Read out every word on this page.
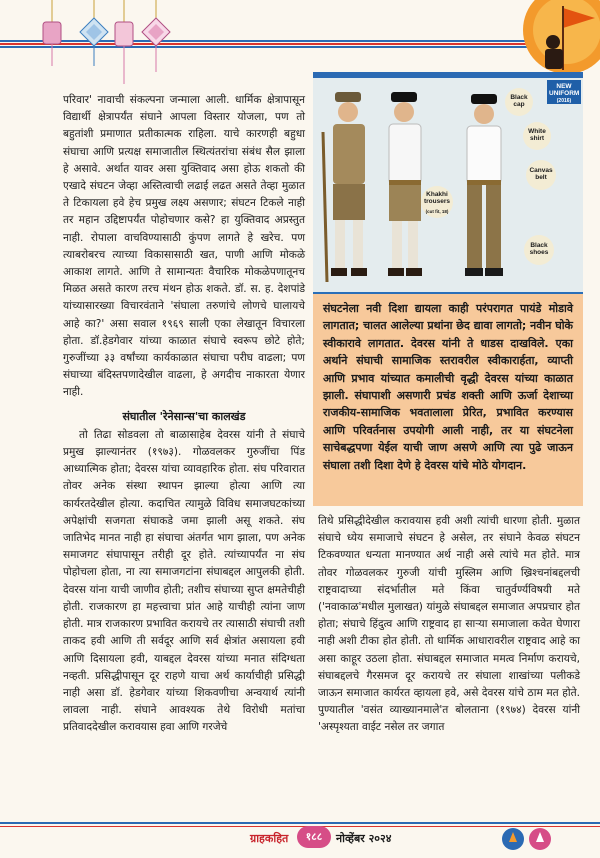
परिवार' नावाची संकल्पना जन्माला आली. धार्मिक क्षेत्रापासून विद्यार्थी क्षेत्रापर्यंत संघाने आपला विस्तार योजला, पण तो बहुतांशी प्रमाणात प्रतीकात्मक राहिला. याचे कारणही बहुधा संघाचा आणि प्रत्यक्ष समाजातील स्थित्यंतरांचा संबंध सैल झाला हे असावे. अर्थात यावर असा युक्तिवाद असा होऊ शकतो की एखादे संघटन जेव्हा अस्तित्वाची लढाई लढत असते तेव्हा मुळात ते टिकायला हवे हेच प्रमुख लक्ष्य असणार; संघटन टिकले नाही तर महान उद्दिष्टापर्यंत पोहोचणार कसे? हा युक्तिवाद अप्रस्तुत नाही. रोपाला वाचविण्यासाठी कुंपण लागते हे खरेच. पण त्याबरोबरच त्याच्या विकासासाठी खत, पाणी आणि मोकळे आकाश लागते. आणि ते सामान्यतः वैचारिक मोकळेपणातूनच मिळत असते कारण तरच मंथन होऊ शकते. डॉ. स. ह. देशपांडे यांच्यासारख्या विचारवंताने 'संघाला तरुणांचे लोणचे घालायचे आहे का?' असा सवाल १९६९ साली एका लेखातून विचारला होता. डॉ.हेडगेवार यांच्या काळात संघाचे स्वरूप छोटे होते; गुरुजींच्या ३३ वर्षांच्या कार्यकाळात संघाचा परीघ वाढला; पण संघाच्या बंदिस्तपणादेखील वाढला, हे अगदीच नाकारता येणार नाही.

संघातील 'रेनेसान्स'चा कालखंड

तो तिढा सोडवला तो बाळासाहेब देवरस यांनी ते संघाचे प्रमुख झाल्यानंतर (१९७३). गोळवलकर गुरुजींचा पिंड आध्यात्मिक होता; देवरस यांचा व्यावहारिक होता. संघ परिवारात तोवर अनेक संस्था स्थापन झाल्या होत्या आणि त्या कार्यरतदेखील होत्या. कदाचित त्यामुळे विविध समाजघटकांच्या अपेक्षांची सजगता संघाकडे जमा झाली असू शकते. संघ जातिभेद मानत नाही हा संघाचा अंतर्गत भाग झाला, पण अनेक समाजगट संघापासून तरीही दूर होते. त्यांच्यापर्यंत ना संघ पोहोचला होता, ना त्या समाजगटांना संघाबद्दल आपुलकी होती. देवरस यांना याची जाणीव होती; तशीच संघाच्या सुप्त क्षमतेचीही होती. राजकारण हा महत्त्वाचा प्रांत आहे याचीही त्यांना जाण होती. मात्र राजकारण प्रभावित करायचे तर त्यासाठी संघाची तशी ताकद हवी आणि ती सर्वदूर आणि सर्व क्षेत्रांत असायला हवी आणि दिसायला हवी, याबद्दल देवरस यांच्या मनात संदिग्धता नव्हती. प्रसिद्धीपासून दूर राहणे याचा अर्थ कार्याचीही प्रसिद्धी नाही असा डॉ. हेडगेवार यांच्या शिकवणीचा अन्वयार्थ त्यांनी लावला नाही. संघाने आवश्यक तेथे विरोधी मतांचा प्रतिवाददेखील करावयास हवा आणि गरजेचे

NEW UNIFORM
(2016)
Black cap
White shirt
Canvas belt
Khakhi trousers
(cut fit, 18)
Black shoes
संघटनेला नवी दिशा द्यायला काही परंपरागत पायंडे मोडावे लागतात; चालत आलेल्या प्रथांना छेद द्यावा लागतो; नवीन घोके स्वीकारावे लागतात. देवरस यांनी ते धाडस दाखविले. एका अर्थाने संघाची सामाजिक स्तरावरील स्वीकारार्हता, व्याप्ती आणि प्रभाव यांच्यात कमालीची वृद्धी देवरस यांच्या काळात झाली. संघापाशी असणारी प्रचंड शक्ती आणि ऊर्जा देशाच्या राजकीय-सामाजिक भवतालाला प्रेरित, प्रभावित करण्यास आणि परिवर्तनास उपयोगी आली नाही, तर या संघटनेला साचेबद्धपणा येईल याची जाण असणे आणि त्या पुढे जाऊन संघाला तशी दिशा देणे हे देवरस यांचे मोठे योगदान.

तिथे प्रसिद्धीदेखील करावयास हवी अशी त्यांची धारणा होती. मुळात संघाचे ध्येय समाजाचे संघटन हे असेल, तर संघाने केवळ संघटन टिकवण्यात धन्यता मानण्यात अर्थ नाही असे त्यांचे मत होते. मात्र तोवर गोळवलकर गुरुजी यांची मुस्लिम आणि ख्रिश्चनांबद्दलची राष्ट्रवादाच्या संदर्भातील मते किंवा चातुर्वर्ण्यविषयी मते ('नवाकाळ'मधील मुलाखत) यांमुळे संघाबद्दल समाजात अपप्रचार होत होता; संघाचे हिंदुत्व आणि राष्ट्रवाद हा साऱ्या समाजाला कवेत घेणारा नाही अशी टीका होत होती. तो धार्मिक आधारावरील राष्ट्रवाद आहे का असा काहूर उठला होता. संघाबद्दल समाजात ममत्व निर्माण करायचे, संघाबद्दलचे गैरसमज दूर करायचे तर संघाला शाखांच्या पलीकडे जाऊन समाजात कार्यरत व्हायला हवे, असे देवरस यांचे ठाम मत होते. पुण्यातील 'वसंत व्याख्यानमाले'त बोलताना (१९७४) देवरस यांनी 'अस्पृश्यता वाईट नसेल तर जगात

ग्राहकहित	१८८	नोव्हेंबर २०२४
